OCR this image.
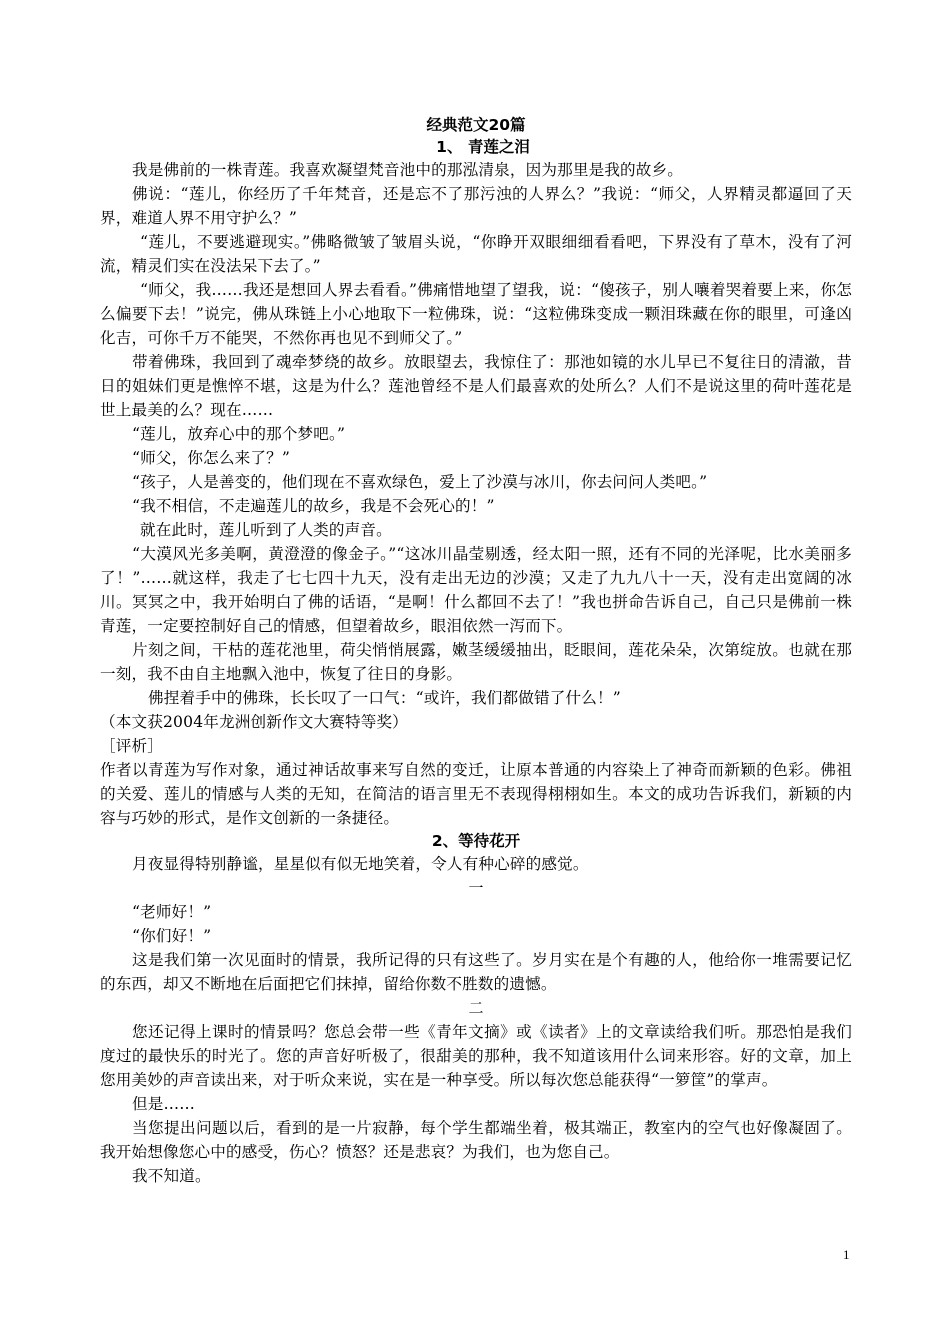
经典范文20篇
1、 青莲之泪

我是佛前的一株青莲。我喜欢凝望梵音池中的那泓清泉，因为那里是我的故乡。

佛说：“莲儿，你经历了千年梵音，还是忘不了那污浊的人界么？”我说：“师父，人界精灵都逼回了天界，难道人界不用守护么？”

“莲儿，不要逃避现实。”佛略微皱了皱眉头说，“你睁开双眼细细看看吧，下界没有了草木，没有了河流，精灵们实在没法呆下去了。”

“师父，我……我还是想回人界去看看。”佛痛惜地望了望我，说：“傻孩子，别人嚷着哭着要上来，你怎么偏要下去！”说完，佛从珠链上小心地取下一粒佛珠，说：“这粒佛珠变成一颗泪珠藏在你的眼里，可逢凶化吉，可你千万不能哭，不然你再也见不到师父了。”

带着佛珠，我回到了魂牵梦绕的故乡。放眼望去，我惊住了：那池如镜的水儿早已不复往日的清澈，昔日的姐妹们更是憔悴不堪，这是为什么？莲池曾经不是人们最喜欢的处所么？人们不是说这里的荷叶莲花是世上最美的么？现在……

“莲儿，放弃心中的那个梦吧。”

“师父，你怎么来了？”

“孩子，人是善变的，他们现在不喜欢绿色，爱上了沙漠与冰川，你去问问人类吧。”

“我不相信，不走遍莲儿的故乡，我是不会死心的！”

就在此时，莲儿听到了人类的声音。

“大漠风光多美啊，黄澄澄的像金子。”“这冰川晶莹剔透，经太阳一照，还有不同的光泽呢，比水美丽多了！”……就这样，我走了七七四十九天，没有走出无边的沙漠；又走了九九八十一天，没有走出宽阔的冰川。冥冥之中，我开始明白了佛的话语，“是啊！什么都回不去了！”我也拼命告诉自己，自己只是佛前一株青莲，一定要控制好自己的情感，但望着故乡，眼泪依然一泻而下。

片刻之间，干枯的莲花池里，荷尖悄悄展露，嫩茎缓缓抽出，眨眼间，莲花朵朵，次第绽放。也就在那一刻，我不由自主地飘入池中，恢复了往日的身影。

佛捏着手中的佛珠，长长叹了一口气：“或许，我们都做错了什么！”

（本文获2004年龙洲创新作文大赛特等奖）

［评析］

作者以青莲为写作对象，通过神话故事来写自然的变迁，让原本普通的内容染上了神奇而新颖的色彩。佛祖的关爱、莲儿的情感与人类的无知，在简洁的语言里无不表现得栩栩如生。本文的成功告诉我们，新颖的内容与巧妙的形式，是作文创新的一条捷径。

2、等待花开

月夜显得特别静谧，星星似有似无地笑着，令人有种心碎的感觉。

一

“老师好！”

“你们好！”

这是我们第一次见面时的情景，我所记得的只有这些了。岁月实在是个有趣的人，他给你一堆需要记忆的东西，却又不断地在后面把它们抹掉，留给你数不胜数的遗憾。

二

您还记得上课时的情景吗？您总会带一些《青年文摘》或《读者》上的文章读给我们听。那恐怕是我们度过的最快乐的时光了。您的声音好听极了，很甜美的那种，我不知道该用什么词来形容。好的文章，加上您用美妙的声音读出来，对于听众来说，实在是一种享受。所以每次您总能获得“一箩筐”的掌声。

但是……

当您提出问题以后，看到的是一片寂静，每个学生都端坐着，极其端正，教室内的空气也好像凝固了。我开始想像您心中的感受，伤心？愤怒？还是悲哀？为我们，也为您自己。

我不知道。

1
